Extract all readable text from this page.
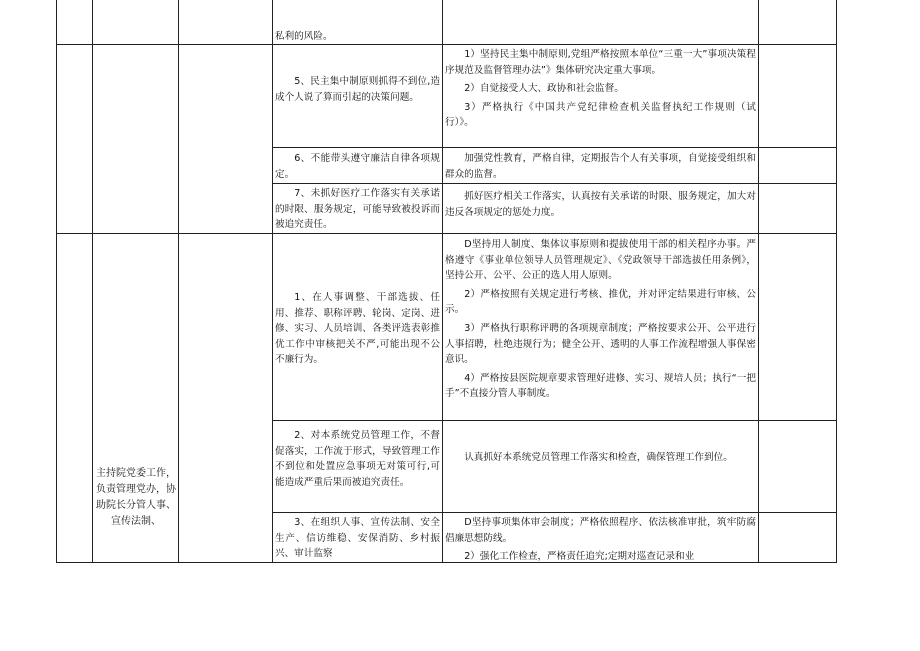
主持院党委工作，负责管理党办，协助院长分管人事、宣传法制、
私利的风险。
5、民主集中制原则抓得不到位,造成个人说了算而引起的决策问题。
6、不能带头遵守廉洁自律各项规定。
7、未抓好医疗工作落实有关承诺的时限、服务规定，可能导致被投诉而被追究责任。
1、在人事调整、干部选拔、任用、推荐、职称评聘、轮岗、定岗、进修、实习、人员培训、各类评选表彰推优工作中审核把关不严,可能出现不公不廉行为。
2、对本系统党员管理工作，不督促落实，工作流于形式，导致管理工作不到位和处置应急事项无对策可行,可能造成严重后果而被追究责任。
3、在组织人事、宣传法制、安全生产、信访维稳、安保消防、乡村振兴、审计监察

1）坚持民主集中制原则,党组严格按照本单位“三重一大”事项决策程序规范及监督管理办法”》集体研究决定重大事项。

2）自觉接受人大、政协和社会监督。

3）严格执行《中国共产党纪律检查机关监督执纪工作规则（试行）》。

加强党性教育，严格自律，定期报告个人有关事项，自觉接受组织和群众的监督。

抓好医疗相关工作落实，认真按有关承诺的时限、服务规定，加大对违反各项规定的惩处力度。

D坚持用人制度、集体议事原则和提拔使用干部的相关程序办事。严格遵守《事业单位领导人员管理规定》、《党政领导干部选拔任用条例》，坚持公开、公平、公正的选人用人原则。

2）严格按照有关规定进行考核、推优，并对评定结果进行审核、公示。

3）严格执行职称评聘的各项规章制度；严格按要求公开、公平进行人事招聘，杜绝违规行为；健全公开、透明的人事工作流程增强人事保密意识。

4）严格按县医院规章要求管理好进修、实习、规培人员；执行“一把手”不直接分管人事制度。

认真抓好本系统党员管理工作落实和检查，确保管理工作到位。

D坚持事项集体审会制度；严格依照程序、依法核准审批，筑牢防腐倡廉思想防线。

2）强化工作检查，严格责任追究;定期对巡查记录和业
